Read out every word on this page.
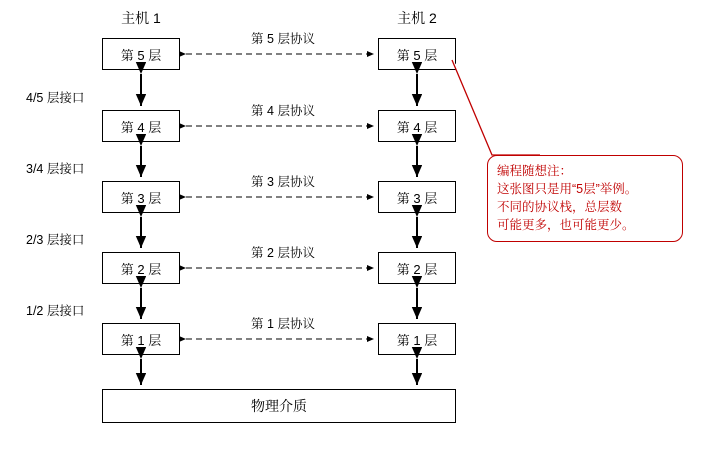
主机 1	主机 2
第 5 层
第 4 层
第 3 层
第 2 层
第 1 层
第 5 层
第 4 层
第 3 层
第 2 层
第 1 层
物理介质
第 5 层协议
第 4 层协议
第 3 层协议
第 2 层协议
第 1 层协议
4/5 层接口
3/4 层接口
2/3 层接口
1/2 层接口
编程随想注：
这张图只是用“5层”举例。
不同的协议栈，总层数
可能更多，也可能更少。
